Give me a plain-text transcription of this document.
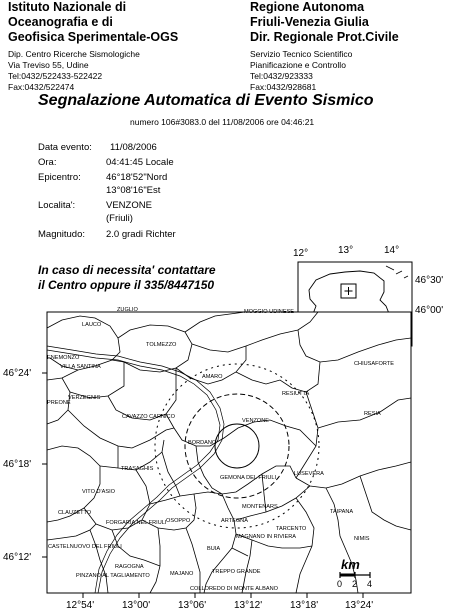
Istituto Nazionale di
Oceanografia e di
Geofisica Sperimentale-OGS
Dip. Centro Ricerche Sismologiche
Via Treviso 55, Udine
Tel:0432/522433-522422
Fax:0432/522474
Regione Autonoma
Friuli-Venezia Giulia
Dir. Regionale Prot.Civile
Servizio Tecnico Scientifico
Pianificazione e Controllo
Tel:0432/923333
Fax:0432/928681
Segnalazione Automatica di Evento Sismico
numero 106#3083.0 del 11/08/2006 ore 04:46:21
Data evento: 11/08/2006
Ora:	04:41:45 Locale
Epicentro:	46°18'52"Nord
13°08'16"Est
Localita':	VENZONE
(Friuli)
Magnitudo: 2.0 gradi Richter
In caso di necessita' contattare
il Centro oppure il 335/8447150
12°	13°	14°
46°30'
46°00'
ZUGLIO	MOGGIO UDINESE
LAUCO
TOLMEZZO
CHIUSAFORTE
ENEMONZO
VILLA SANTINA
AMARO
RESIUTTA
PREONE
VERZEGNIS
CAVAZZO CARNICO	RESIA
VENZONE
BORDANO
TRASAGHIS
GEMONA DEL FRIULI
LUSEVERA
VITO D'ASIO
CLAUZETTO
MONTENARS
TAIPANA
FORGARIA NEL FRIULI OSOPPO	ARTEGNA
TARCENTO
NIMIS
CASTELNUOVO DEL FRIULI
MAGNANO IN RIVIERA
BUIA
RAGOGNA
MAJANO	TREPPO GRANDE
PINZANO AL TAGLIAMENTO
COLLOREDO DI MONTE ALBANO
km
0 2 4
12°54'	13°00'	13°06'	13°12'	13°18'	13°24'
46°24'
46°18'
46°12'
